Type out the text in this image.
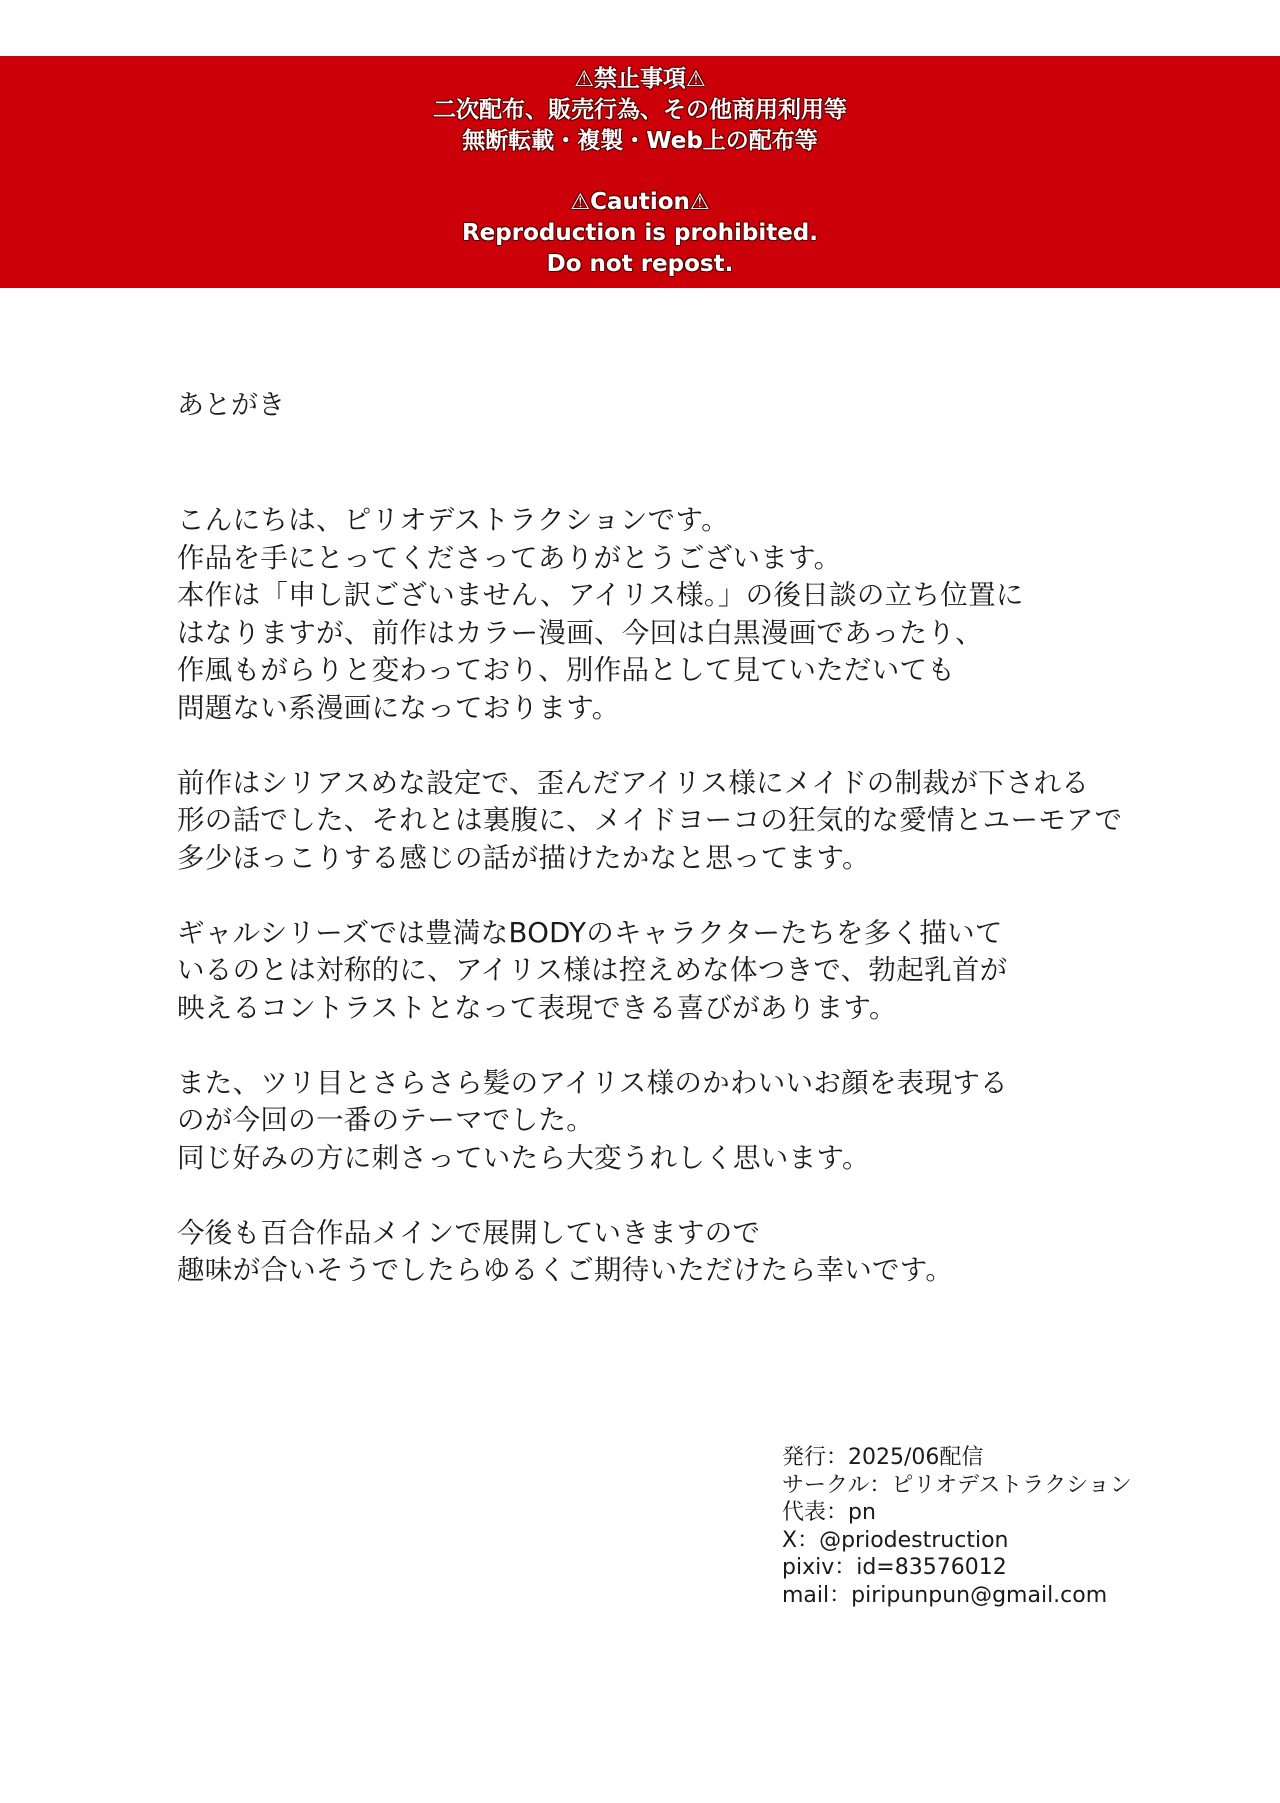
⚠禁止事項⚠
二次配布、販売行為、その他商用利用等
無断転載・複製・Web上の配布等
⚠Caution⚠
Reproduction is prohibited.
Do not repost.
あとがき
こんにちは、ピリオデストラクションです。
作品を手にとってくださってありがとうございます。
本作は「申し訳ございません、アイリス様。」の後日談の立ち位置に
はなりますが、前作はカラー漫画、今回は白黒漫画であったり、
作風もがらりと変わっており、別作品として見ていただいても
問題ない系漫画になっております。
前作はシリアスめな設定で、歪んだアイリス様にメイドの制裁が下される
形の話でした、それとは裏腹に、メイドヨーコの狂気的な愛情とユーモアで
多少ほっこりする感じの話が描けたかなと思ってます。
ギャルシリーズでは豊満なBODYのキャラクターたちを多く描いて
いるのとは対称的に、アイリス様は控えめな体つきで、勃起乳首が
映えるコントラストとなって表現できる喜びがあります。
また、ツリ目とさらさら髪のアイリス様のかわいいお顔を表現する
のが今回の一番のテーマでした。
同じ好みの方に刺さっていたら大変うれしく思います。
今後も百合作品メインで展開していきますので
趣味が合いそうでしたらゆるくご期待いただけたら幸いです。
発行：2025/06配信
サークル：ピリオデストラクション
代表：pn
X：@priodestruction
pixiv：id=83576012
mail：piripunpun@gmail.com
